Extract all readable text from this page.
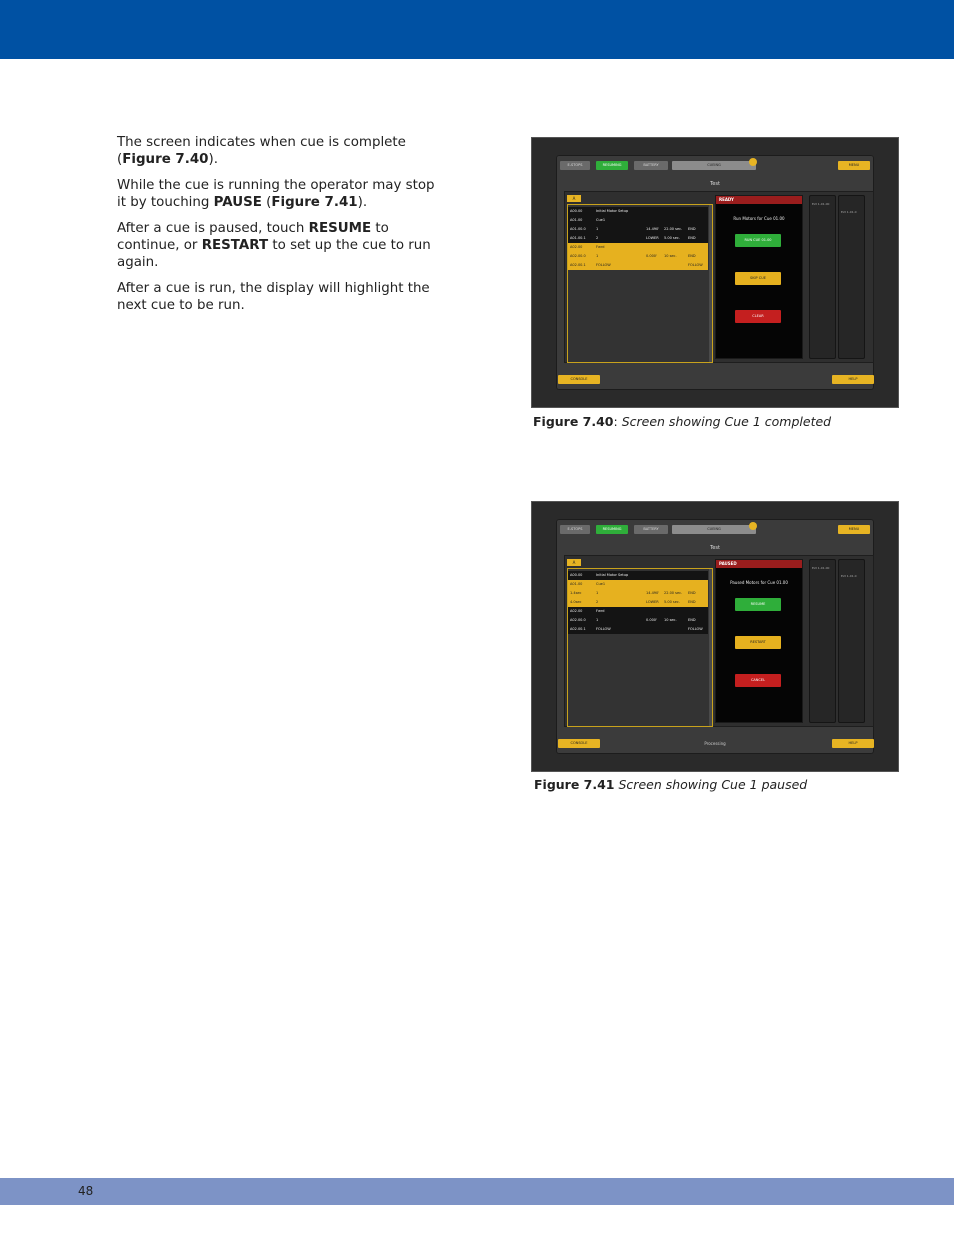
The screen indicates when cue is complete
(Figure 7.40).

While the cue is running the operator may stop it by touching PAUSE (Figure 7.41).

After a cue is paused, touch RESUME to continue, or RESTART to set up the cue to run again.

After a cue is run, the display will highlight the next cue to be run.

E-STOPS	RESUMING	BATTERY	CUEING	MENU
Test
A
A00.00	Initial Motor Setup
A01.00	Cue1
A01.00.0	1	14.490' 22.00 sec. END
A01.00.1	2	LOWER 5.00 sec. END
A02.00	Fwrd
A02.00.0	1	0.000' 10 sec.	END
A02.00.1	FOLLOW	FOLLOW
READY
Run Motors for Cue 01.00
RUN CUE 01.00
SKIP CUE
CLEAR
Ext 1-01.00
Ext 1-01.0
CONSOLE	HELP
Figure 7.40: Screen showing Cue 1 completed
E-STOPS	RESUMING	BATTERY	CUEING	MENU
Test
A
A00.00	Initial Motor Setup
A01.00	Cue1
1.4sec	1	14.490' 22.00 sec. END
4.0sec	2	LOWER 5.00 sec. END
A02.00	Fwrd
A02.00.0	1	0.000' 10 sec.	END
A02.00.1	FOLLOW	FOLLOW
PAUSED
Paused Motors for Cue 01.00
RESUME
RESTART
CANCEL
Ext 1-01.00
Ext 1-01.0
CONSOLE	Processing	HELP
Figure 7.41 Screen showing Cue 1 paused
48
